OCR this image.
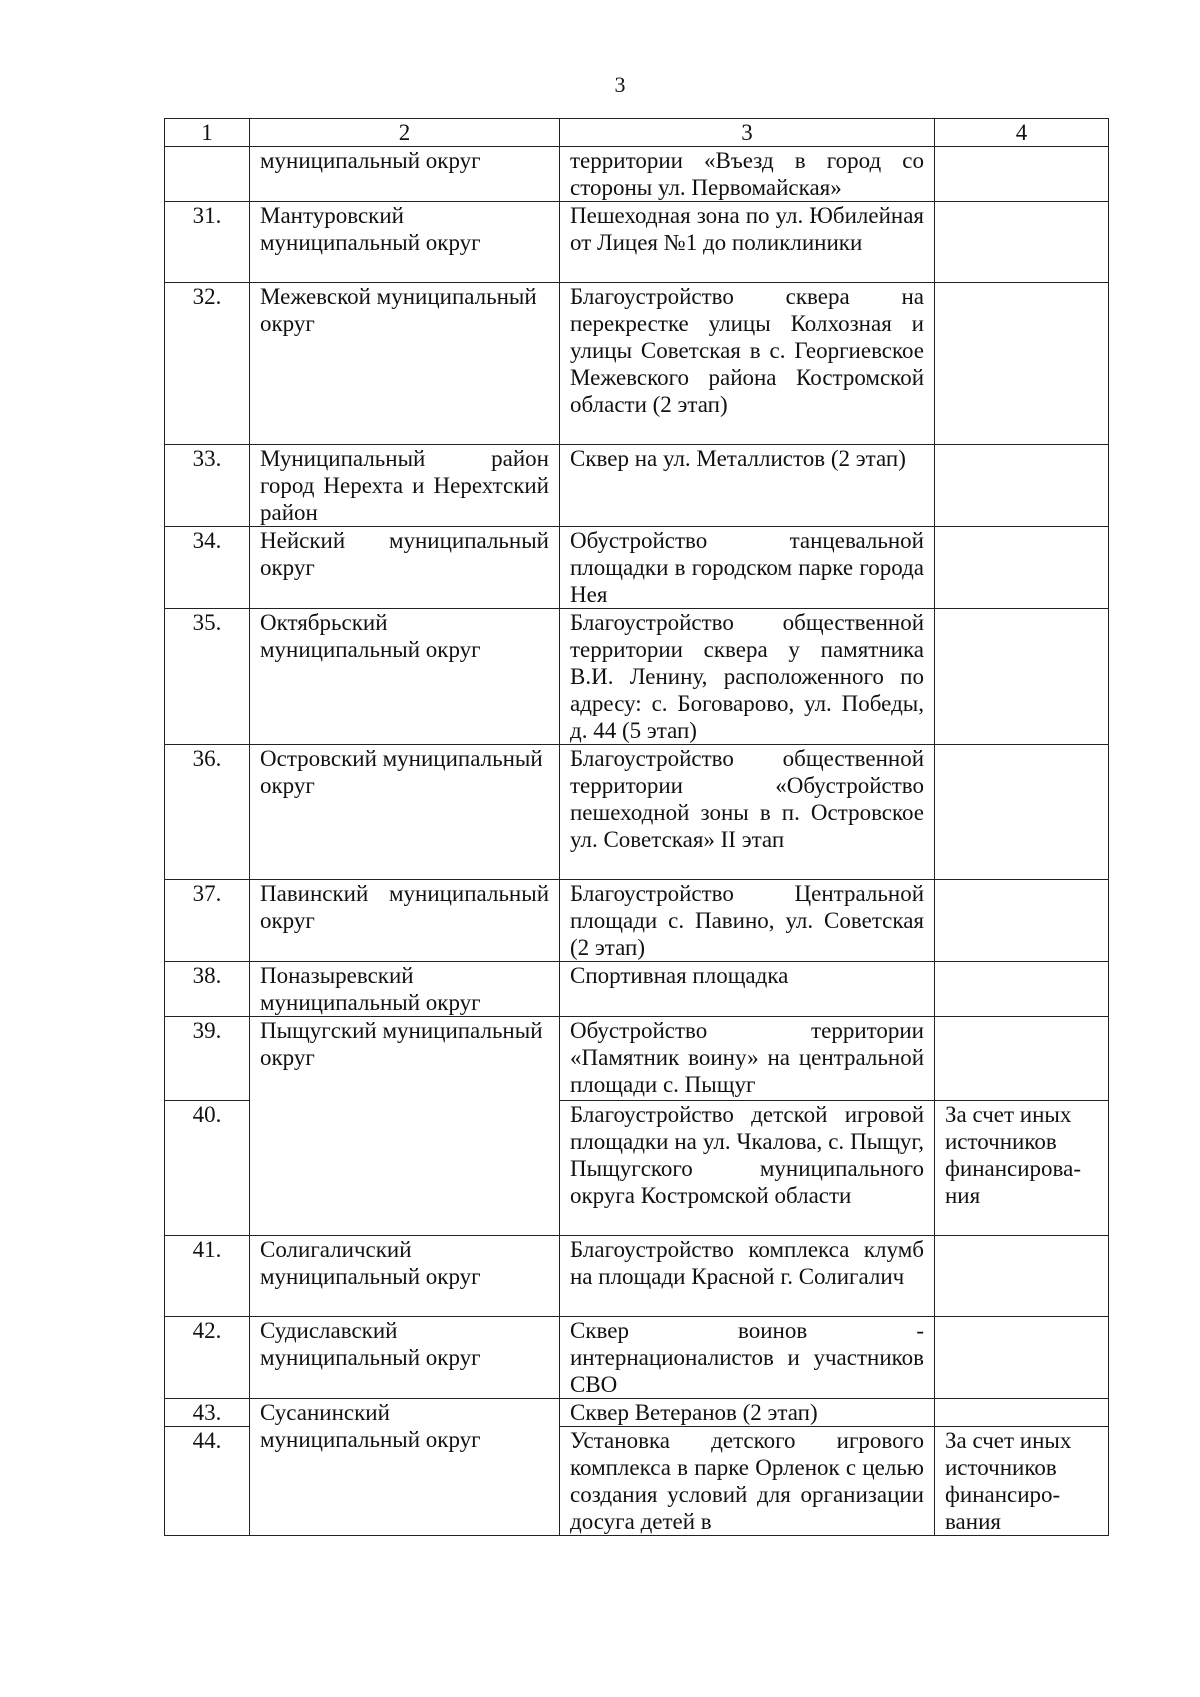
3
1	2	3	4
	муниципальный округ	территории «Въезд в город со стороны ул. Первомайская»	
31.	Мантуровский муниципальный округ	Пешеходная зона по ул. Юбилейная от Лицея №1 до поликлиники	
32.	Межевской муниципальный округ	Благоустройство сквера на перекрестке улицы Колхозная и улицы Советская в с. Георгиевское Межевского района Костромской области (2 этап)	
33.	Муниципальный район город Нерехта и Нерехтский район	Сквер на ул. Металлистов (2 этап)	
34.	Нейский муниципальный округ	Обустройство танцевальной площадки в городском парке города Нея	
35.	Октябрьский муниципальный округ	Благоустройство общественной территории сквера у памятника В.И. Ленину, расположенного по адресу: с. Боговарово, ул. Победы, д. 44 (5 этап)	
36.	Островский муниципальный округ	Благоустройство общественной территории «Обустройство пешеходной зоны в п. Островское ул. Советская» II этап	
37.	Павинский муниципальный округ	Благоустройство Центральной площади с. Павино, ул. Советская (2 этап)	
38.	Поназыревский муниципальный округ	Спортивная площадка	
39.	Пыщугский муниципальный округ	Обустройство территории «Памятник воину» на центральной площади с. Пыщуг	
40.		Благоустройство детской игровой площадки на ул. Чкалова, с. Пыщуг, Пыщугского муниципального округа Костромской области	За счет иных источников финансирова-ния
41.	Солигаличский муниципальный округ	Благоустройство комплекса клумб на площади Красной г. Солигалич	
42.	Судиславский муниципальный округ	Сквер воинов - интернационалистов и участников СВО	
43.	Сусанинский муниципальный округ	Сквер Ветеранов (2 этап)	
44.		Установка детского игрового комплекса в парке Орленок с целью создания условий для организации досуга детей в	За счет иных источников финансиро-вания
